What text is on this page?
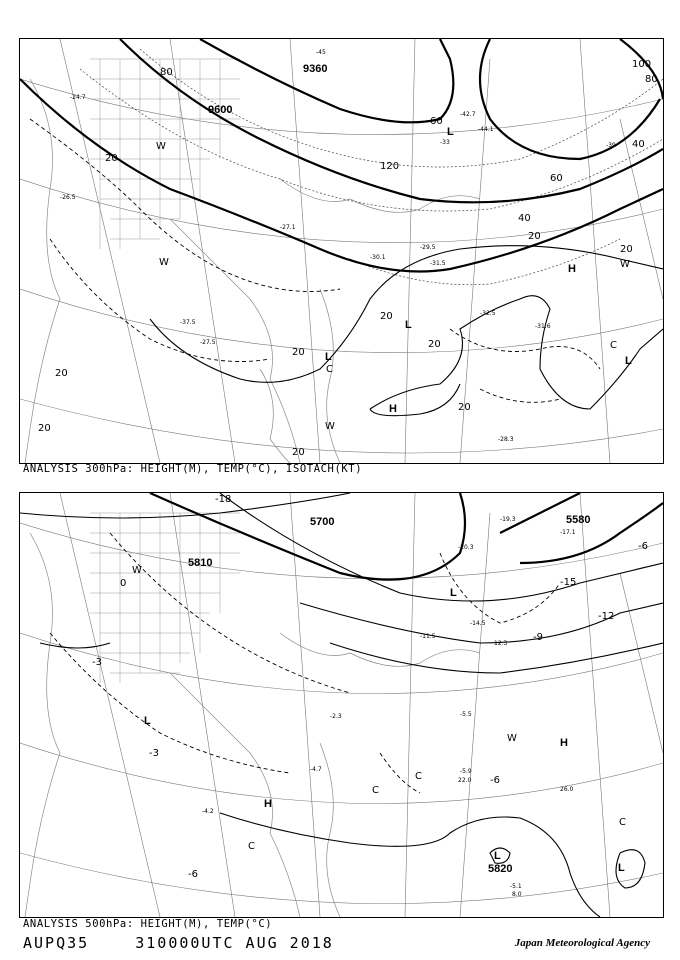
9360
9600
20
20
20
20
20
20
20
20
20
20
40
40
60
60
80
80
100
120
-24.7
-26.5
-27.1
-29.5
-30.1
-31.5
-32.5
-28.3
-31.6
-33
-37.5
-45
-42.7
-44.1
-39
-27.5
H
H
L
L	L
L
W
W
W
W
C
C
ANALYSIS 300hPa: HEIGHT(M), TEMP(°C), ISOTACH(KT)
5700	5580
5820
5810
-18
-15
-12
-9
-6
-6
-3
-3
0
-6
-5.5
-5.1
-4.7
-2.3
-11.5
-19.3
-17.1
-20.3
-14.5
-5.9
-4.2
12.3
8.0
22.0
26.0
H
H
L
L
L
L
C
C
C
C
W
W
ANALYSIS 500hPa: HEIGHT(M), TEMP(°C)
AUPQ35	310000UTC AUG 2018	Japan Meteorological Agency
